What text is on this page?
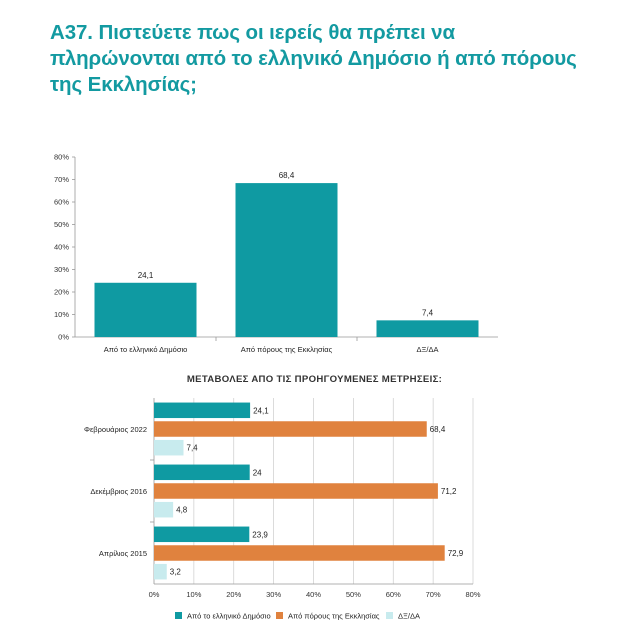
Α37. Πιστεύετε πως οι ιερείς θα πρέπει να πληρώνονται από το ελληνικό Δημόσιο ή από πόρους της Εκκλησίας;
0%
10%
20%
30%
40%
50%
60%
70%
80%
24,1
Από το ελληνικό Δημόσιο
68,4
Από πόρους της Εκκλησίας
7,4
ΔΞ/ΔΑ
ΜΕΤΑΒΟΛΕΣ ΑΠΟ ΤΙΣ ΠΡΟΗΓΟΥΜΕΝΕΣ ΜΕΤΡΗΣΕΙΣ:
0%	10%	20%	30%	40%	50%	60%	70%	80%
24,1
68,4
7,4
Φεβρουάριος 2022
24
71,2
4,8
Δεκέμβριος 2016
23,9
72,9
3,2
Απρίλιος 2015
Από το ελληνικό Δημόσιο Από πόρους της Εκκλησίας ΔΞ/ΔΑ
